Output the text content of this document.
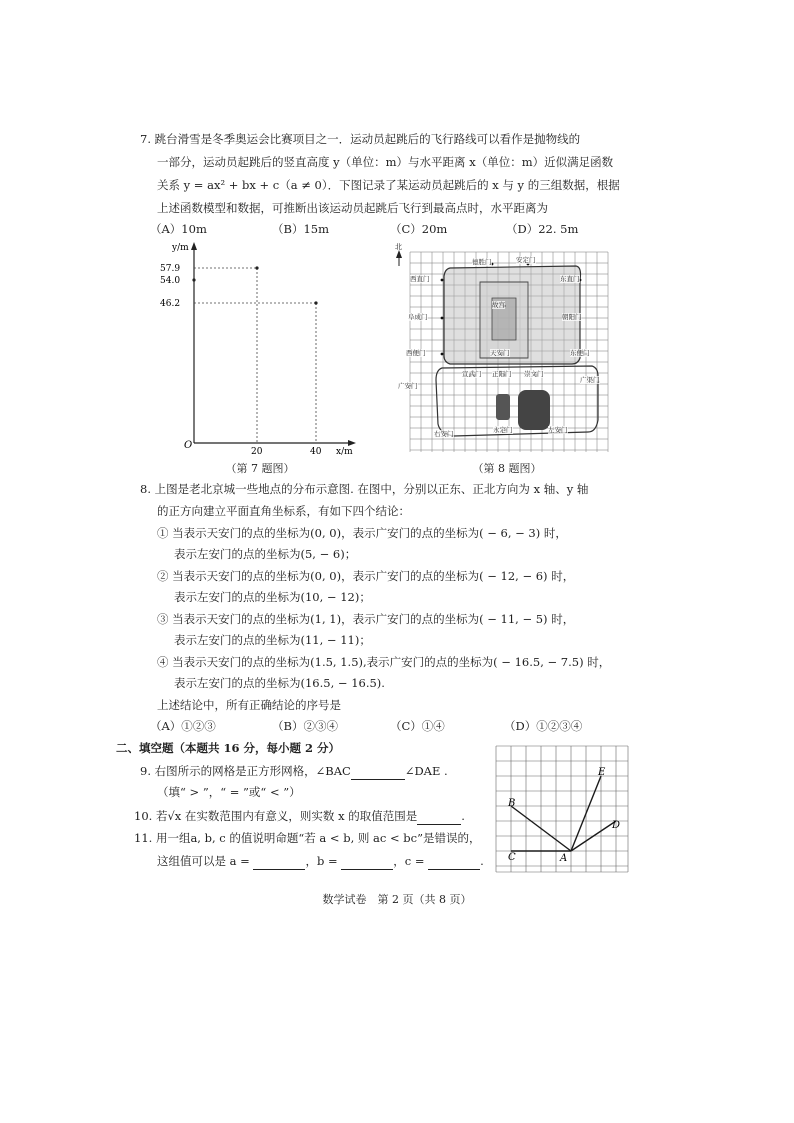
7. 跳台滑雪是冬季奥运会比赛项目之一．运动员起跳后的飞行路线可以看作是抛物线的
一部分，运动员起跳后的竖直高度 y（单位：m）与水平距离 x（单位：m）近似满足函数
关系 y = ax² + bx + c（a ≠ 0）．下图记录了某运动员起跳后的 x 与 y 的三组数据，根据
上述函数模型和数据，可推断出该运动员起跳后飞行到最高点时，水平距离为
（A）10m	（B）15m	（C）20m	（D）22. 5m
y/m
57.9
54.0
46.2
O
20	40 x/m
（第 7 题图）
北
德胜门	安定门
西直门	东直门
故宫
阜成门	朝阳门
西便门	天安门	东便门
宣武门 正阳门 崇文门
广安门
广渠门
右安门	永定门	左安门
（第 8 题图）
8. 上图是老北京城一些地点的分布示意图. 在图中，分别以正东、正北方向为 x 轴、y 轴
的正方向建立平面直角坐标系，有如下四个结论：
① 当表示天安门的点的坐标为(0, 0)，表示广安门的点的坐标为( − 6, − 3) 时，
表示左安门的点的坐标为(5, − 6)；
② 当表示天安门的点的坐标为(0, 0)，表示广安门的点的坐标为( − 12, − 6) 时，
表示左安门的点的坐标为(10, − 12)；
③ 当表示天安门的点的坐标为(1, 1)，表示广安门的点的坐标为( − 11, − 5) 时，
表示左安门的点的坐标为(11, − 11)；
④ 当表示天安门的点的坐标为(1.5, 1.5),表示广安门的点的坐标为( − 16.5, − 7.5) 时，
表示左安门的点的坐标为(16.5, − 16.5).
上述结论中，所有正确结论的序号是
（A）①②③	（B）②③④	（C）①④	（D）①②③④
二、填空题（本题共 16 分，每小题 2 分）
9. 右图所示的网格是正方形网格，∠BAC	∠DAE .
（填“ > ”，“ = ”或“ < ”）
10. 若√x 在实数范围内有意义，则实数 x 的取值范围是	.
11. 用一组a, b, c 的值说明命题“若 a < b, 则 ac < bc”是错误的，
这组值可以是 a =	，b =	，c =	.
E
B
D
C	A
数学试卷　第 2 页（共 8 页）
